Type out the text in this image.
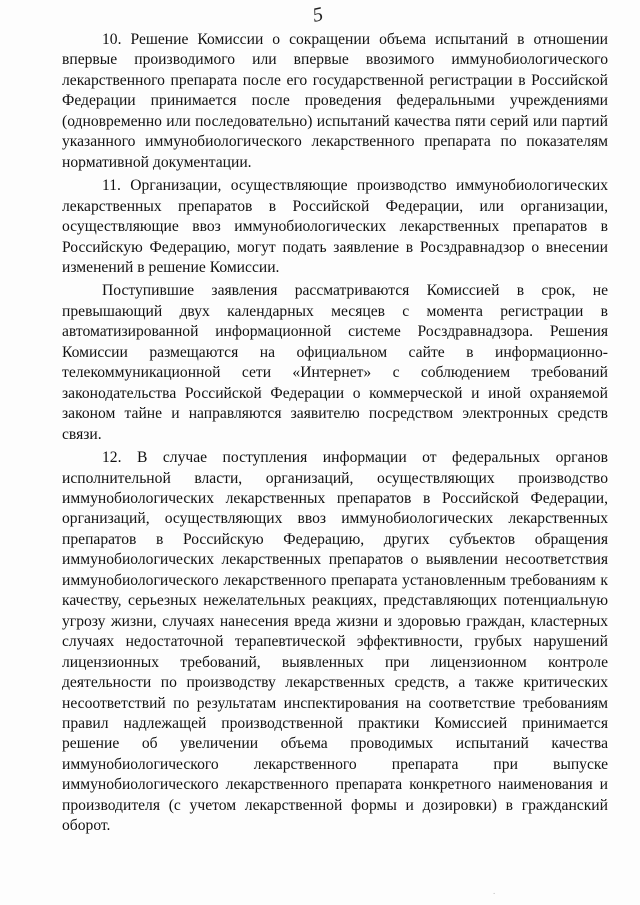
5

10. Решение Комиссии о сокращении объема испытаний в отношении впервые производимого или впервые ввозимого иммунобиологического лекарственного препарата после его государственной регистрации в Российской Федерации принимается после проведения федеральными учреждениями (одновременно или последовательно) испытаний качества пяти серий или партий указанного иммунобиологического лекарственного препарата по показателям нормативной документации.

11. Организации, осуществляющие производство иммунобиологических лекарственных препаратов в Российской Федерации, или организации, осуществляющие ввоз иммунобиологических лекарственных препаратов в Российскую Федерацию, могут подать заявление в Росздравнадзор о внесении изменений в решение Комиссии.

Поступившие заявления рассматриваются Комиссией в срок, не превышающий двух календарных месяцев с момента регистрации в автоматизированной информационной системе Росздравнадзора. Решения Комиссии размещаются на официальном сайте в информационно-телекоммуникационной сети «Интернет» с соблюдением требований законодательства Российской Федерации о коммерческой и иной охраняемой законом тайне и направляются заявителю посредством электронных средств связи.

12. В случае поступления информации от федеральных органов исполнительной власти, организаций, осуществляющих производство иммунобиологических лекарственных препаратов в Российской Федерации, организаций, осуществляющих ввоз иммунобиологических лекарственных препаратов в Российскую Федерацию, других субъектов обращения иммунобиологических лекарственных препаратов о выявлении несоответствия иммунобиологического лекарственного препарата установленным требованиям к качеству, серьезных нежелательных реакциях, представляющих потенциальную угрозу жизни, случаях нанесения вреда жизни и здоровью граждан, кластерных случаях недостаточной терапевтической эффективности, грубых нарушений лицензионных требований, выявленных при лицензионном контроле деятельности по производству лекарственных средств, а также критических несоответствий по результатам инспектирования на соответствие требованиям правил надлежащей производственной практики Комиссией принимается решение об увеличении объема проводимых испытаний качества иммунобиологического лекарственного препарата при выпуске иммунобиологического лекарственного препарата конкретного наименования и производителя (с учетом лекарственной формы и дозировки) в гражданский оборот.

.
